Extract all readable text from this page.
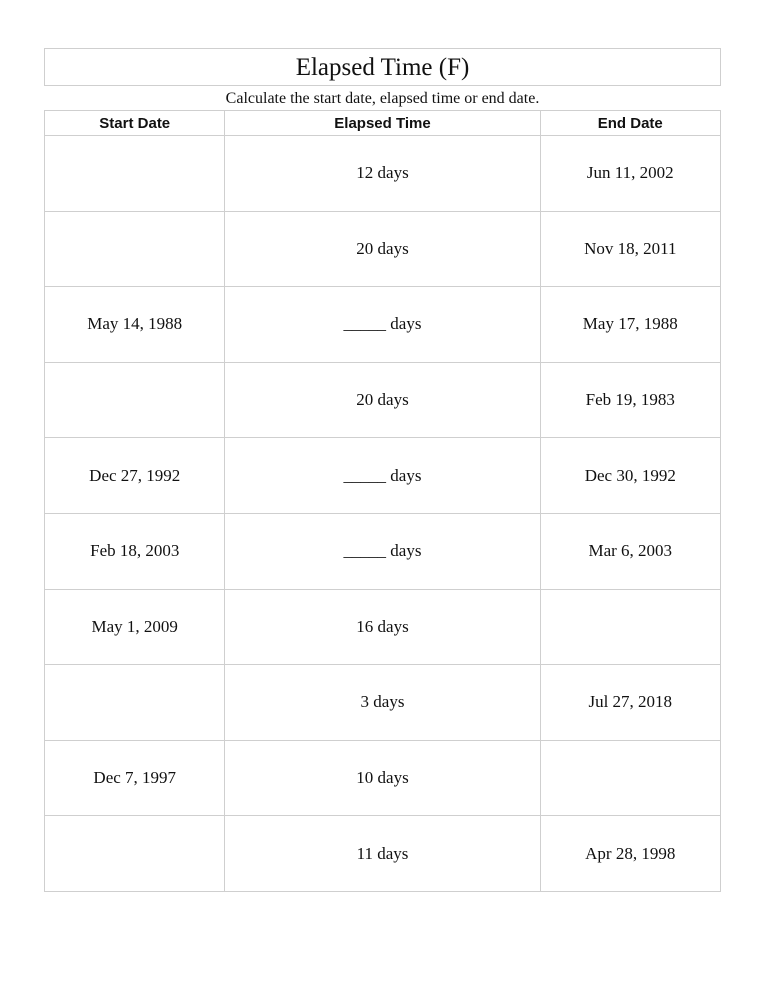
Elapsed Time (F)
Calculate the start date, elapsed time or end date.
Start Date	Elapsed Time	End Date
	12 days	Jun 11, 2002
	20 days	Nov 18, 2011
May 14, 1988	_____ days	May 17, 1988
	20 days	Feb 19, 1983
Dec 27, 1992	_____ days	Dec 30, 1992
Feb 18, 2003	_____ days	Mar 6, 2003
May 1, 2009	16 days	
	3 days	Jul 27, 2018
Dec 7, 1997	10 days	
	11 days	Apr 28, 1998
